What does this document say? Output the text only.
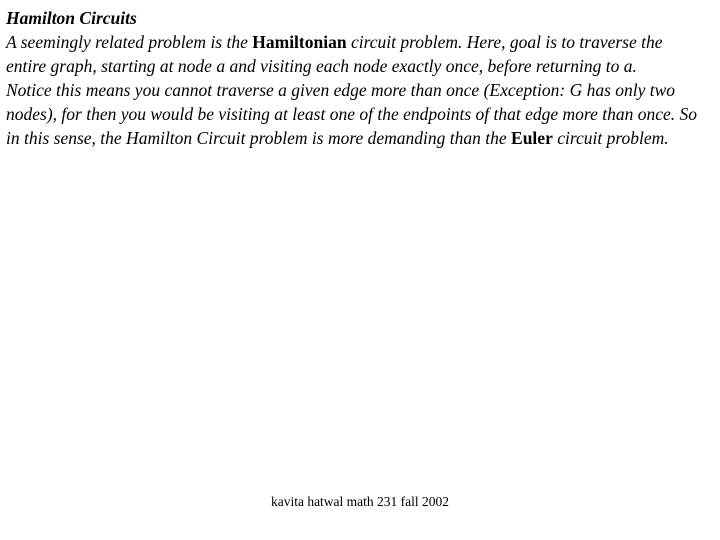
Hamilton Circuits
A seemingly related problem is the Hamiltonian circuit problem. Here, goal is to traverse the entire graph, starting at node a and visiting each node exactly once, before returning to a.
Notice this means you cannot traverse a given edge more than once (Exception: G has only two nodes), for then you would be visiting at least one of the endpoints of that edge more than once. So in this sense, the Hamilton Circuit problem is more demanding than the Euler circuit problem.
kavita hatwal math 231 fall 2002
